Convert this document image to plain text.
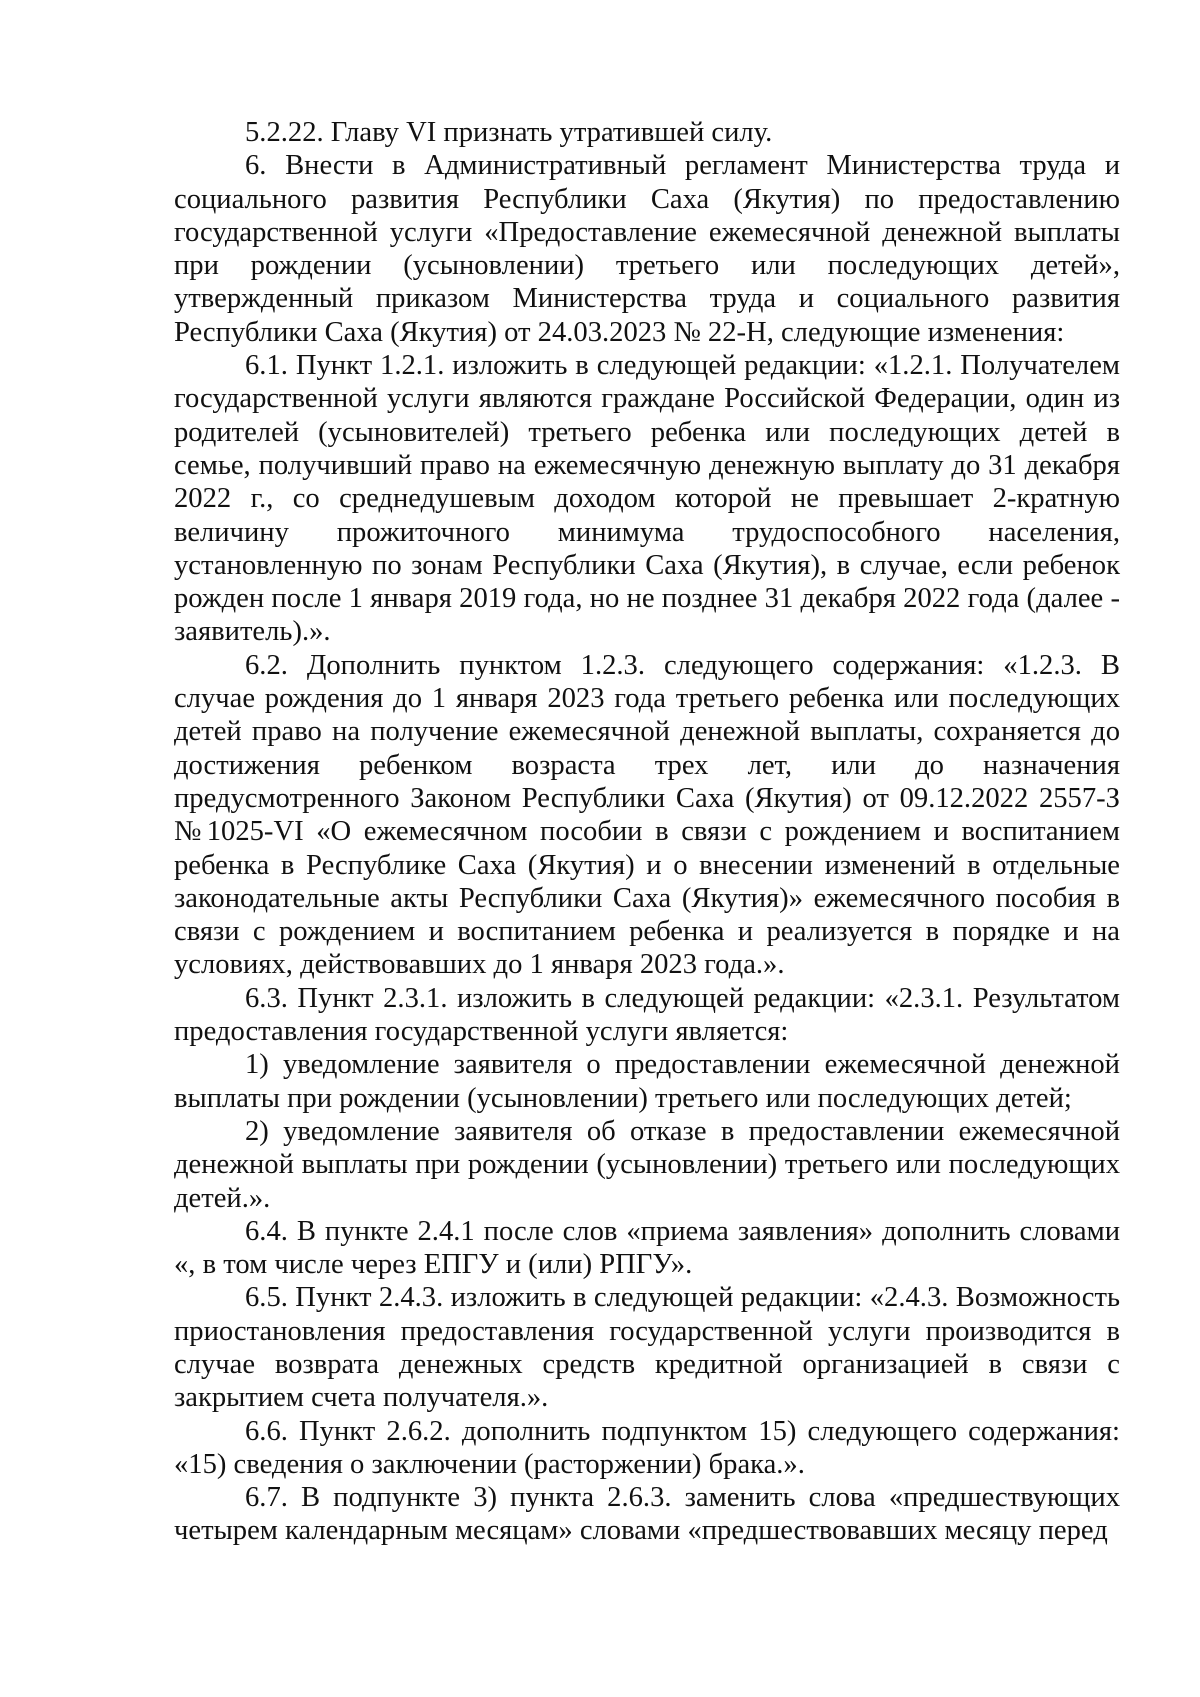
5.2.22. Главу VI признать утратившей силу.

6. Внести в Административный регламент Министерства труда и социального развития Республики Саха (Якутия) по предоставлению государственной услуги «Предоставление ежемесячной денежной выплаты при рождении (усыновлении) третьего или последующих детей», утвержденный приказом Министерства труда и социального развития Республики Саха (Якутия) от 24.03.2023 № 22-Н, следующие изменения:

6.1. Пункт 1.2.1. изложить в следующей редакции: «1.2.1. Получателем государственной услуги являются граждане Российской Федерации, один из родителей (усыновителей) третьего ребенка или последующих детей в семье, получивший право на ежемесячную денежную выплату до 31 декабря 2022 г., со среднедушевым доходом которой не превышает 2-кратную величину прожиточного минимума трудоспособного населения, установленную по зонам Республики Саха (Якутия), в случае, если ребенок рожден после 1 января 2019 года, но не позднее 31 декабря 2022 года (далее - заявитель).».

6.2. Дополнить пунктом 1.2.3. следующего содержания: «1.2.3. В случае рождения до 1 января 2023 года третьего ребенка или последующих детей право на получение ежемесячной денежной выплаты, сохраняется до достижения ребенком возраста трех лет, или до назначения предусмотренного Законом Республики Саха (Якутия) от 09.12.2022 2557-З №1025-VI «О ежемесячном пособии в связи с рождением и воспитанием ребенка в Республике Саха (Якутия) и о внесении изменений в отдельные законодательные акты Республики Саха (Якутия)» ежемесячного пособия в связи с рождением и воспитанием ребенка и реализуется в порядке и на условиях, действовавших до 1 января 2023 года.».

6.3. Пункт 2.3.1. изложить в следующей редакции: «2.3.1. Результатом предоставления государственной услуги является:

1) уведомление заявителя о предоставлении ежемесячной денежной выплаты при рождении (усыновлении) третьего или последующих детей;

2) уведомление заявителя об отказе в предоставлении ежемесячной денежной выплаты при рождении (усыновлении) третьего или последующих детей.».

6.4. В пункте 2.4.1 после слов «приема заявления» дополнить словами «, в том числе через ЕПГУ и (или) РПГУ».

6.5. Пункт 2.4.3. изложить в следующей редакции: «2.4.3. Возможность приостановления предоставления государственной услуги производится в случае возврата денежных средств кредитной организацией в связи с закрытием счета получателя.».

6.6. Пункт 2.6.2. дополнить подпунктом 15) следующего содержания: «15) сведения о заключении (расторжении) брака.».

6.7. В подпункте 3) пункта 2.6.3. заменить слова «предшествующих четырем календарным месяцам» словами «предшествовавших месяцу перед
